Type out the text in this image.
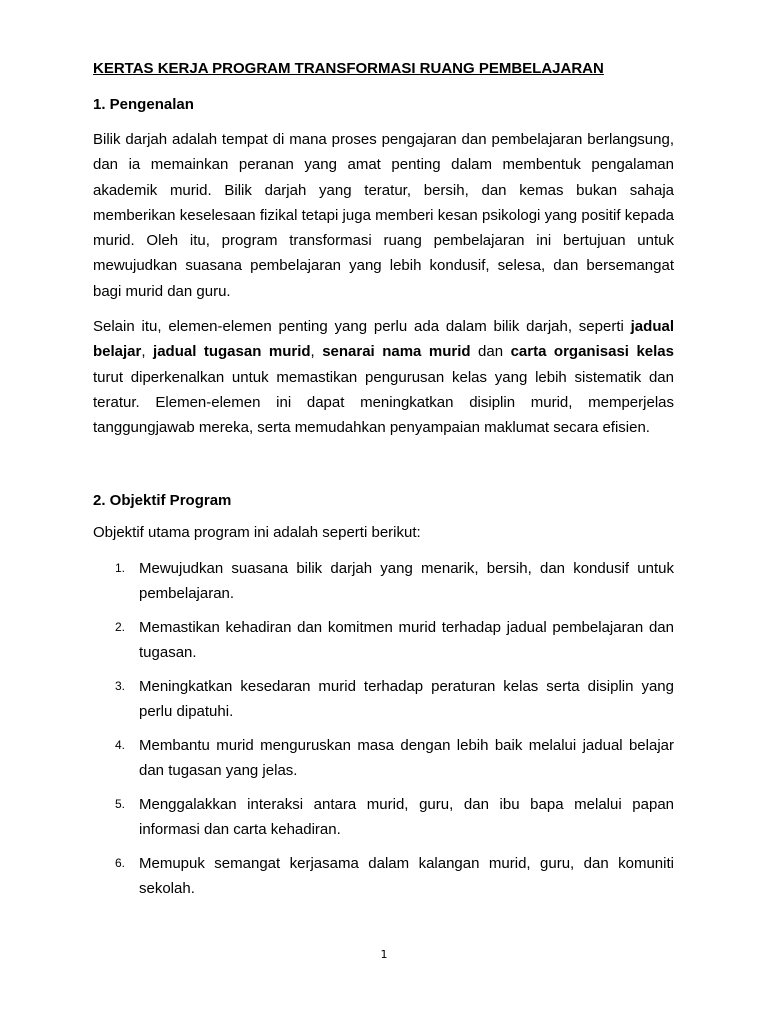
KERTAS KERJA PROGRAM TRANSFORMASI RUANG PEMBELAJARAN

1. Pengenalan

Bilik darjah adalah tempat di mana proses pengajaran dan pembelajaran berlangsung, dan ia memainkan peranan yang amat penting dalam membentuk pengalaman akademik murid. Bilik darjah yang teratur, bersih, dan kemas bukan sahaja memberikan keselesaan fizikal tetapi juga memberi kesan psikologi yang positif kepada murid. Oleh itu, program transformasi ruang pembelajaran ini bertujuan untuk mewujudkan suasana pembelajaran yang lebih kondusif, selesa, dan bersemangat bagi murid dan guru.

Selain itu, elemen-elemen penting yang perlu ada dalam bilik darjah, seperti jadual belajar, jadual tugasan murid, senarai nama murid dan carta organisasi kelas turut diperkenalkan untuk memastikan pengurusan kelas yang lebih sistematik dan teratur. Elemen-elemen ini dapat meningkatkan disiplin murid, memperjelas tanggungjawab mereka, serta memudahkan penyampaian maklumat secara efisien.

2. Objektif Program

Objektif utama program ini adalah seperti berikut:

1. Mewujudkan suasana bilik darjah yang menarik, bersih, dan kondusif untuk pembelajaran.
2. Memastikan kehadiran dan komitmen murid terhadap jadual pembelajaran dan tugasan.
3. Meningkatkan kesedaran murid terhadap peraturan kelas serta disiplin yang perlu dipatuhi.
4. Membantu murid menguruskan masa dengan lebih baik melalui jadual belajar dan tugasan yang jelas.
5. Menggalakkan interaksi antara murid, guru, dan ibu bapa melalui papan informasi dan carta kehadiran.
6. Memupuk semangat kerjasama dalam kalangan murid, guru, dan komuniti sekolah.
1
